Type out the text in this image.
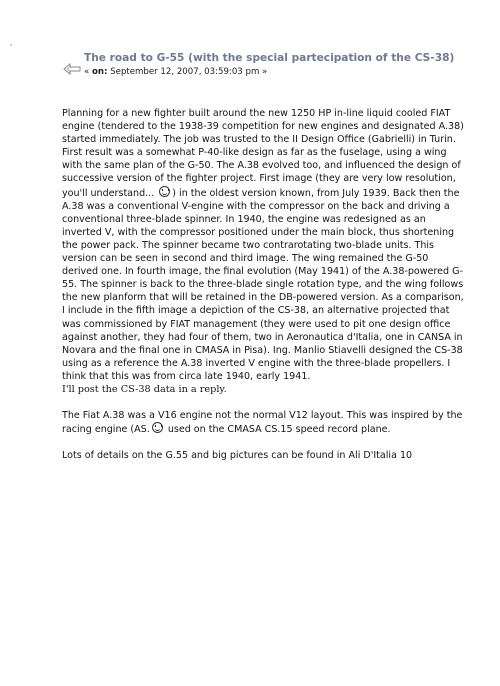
The road to G-55 (with the special partecipation of the CS-38)
« on: September 12, 2007, 03:59:03 pm »

Planning for a new fighter built around the new 1250 HP in-line liquid cooled FIAT engine (tendered to the 1938-39 competition for new engines and designated A.38) started immediately. The job was trusted to the II Design Office (Gabrielli) in Turin. First result was a somewhat P-40-like design as far as the fuselage, using a wing with the same plan of the G-50. The A.38 evolved too, and influenced the design of successive version of the fighter project. First image (they are very low resolution, you'll understand... ) in the oldest version known, from July 1939. Back then the A.38 was a conventional V-engine with the compressor on the back and driving a conventional three-blade spinner. In 1940, the engine was redesigned as an inverted V, with the compressor positioned under the main block, thus shortening the power pack. The spinner became two contrarotating two-blade units. This version can be seen in second and third image. The wing remained the G-50 derived one. In fourth image, the final evolution (May 1941) of the A.38-powered G-55. The spinner is back to the three-blade single rotation type, and the wing follows the new planform that will be retained in the DB-powered version. As a comparison, I include in the fifth image a depiction of the CS-38, an alternative projected that was commissioned by FIAT management (they were used to pit one design office against another, they had four of them, two in Aeronautica d'Italia, one in CANSA in Novara and the final one in CMASA in Pisa). Ing. Manlio Stiavelli designed the CS-38 using as a reference the A.38 inverted V engine with the three-blade propellers. I think that this was from circa late 1940, early 1941.
I'll post the CS-38 data in a reply.

The Fiat A.38 was a V16 engine not the normal V12 layout. This was inspired by the racing engine (AS. used on the CMASA CS.15 speed record plane.

Lots of details on the G.55 and big pictures can be found in Ali D'Italia 10
